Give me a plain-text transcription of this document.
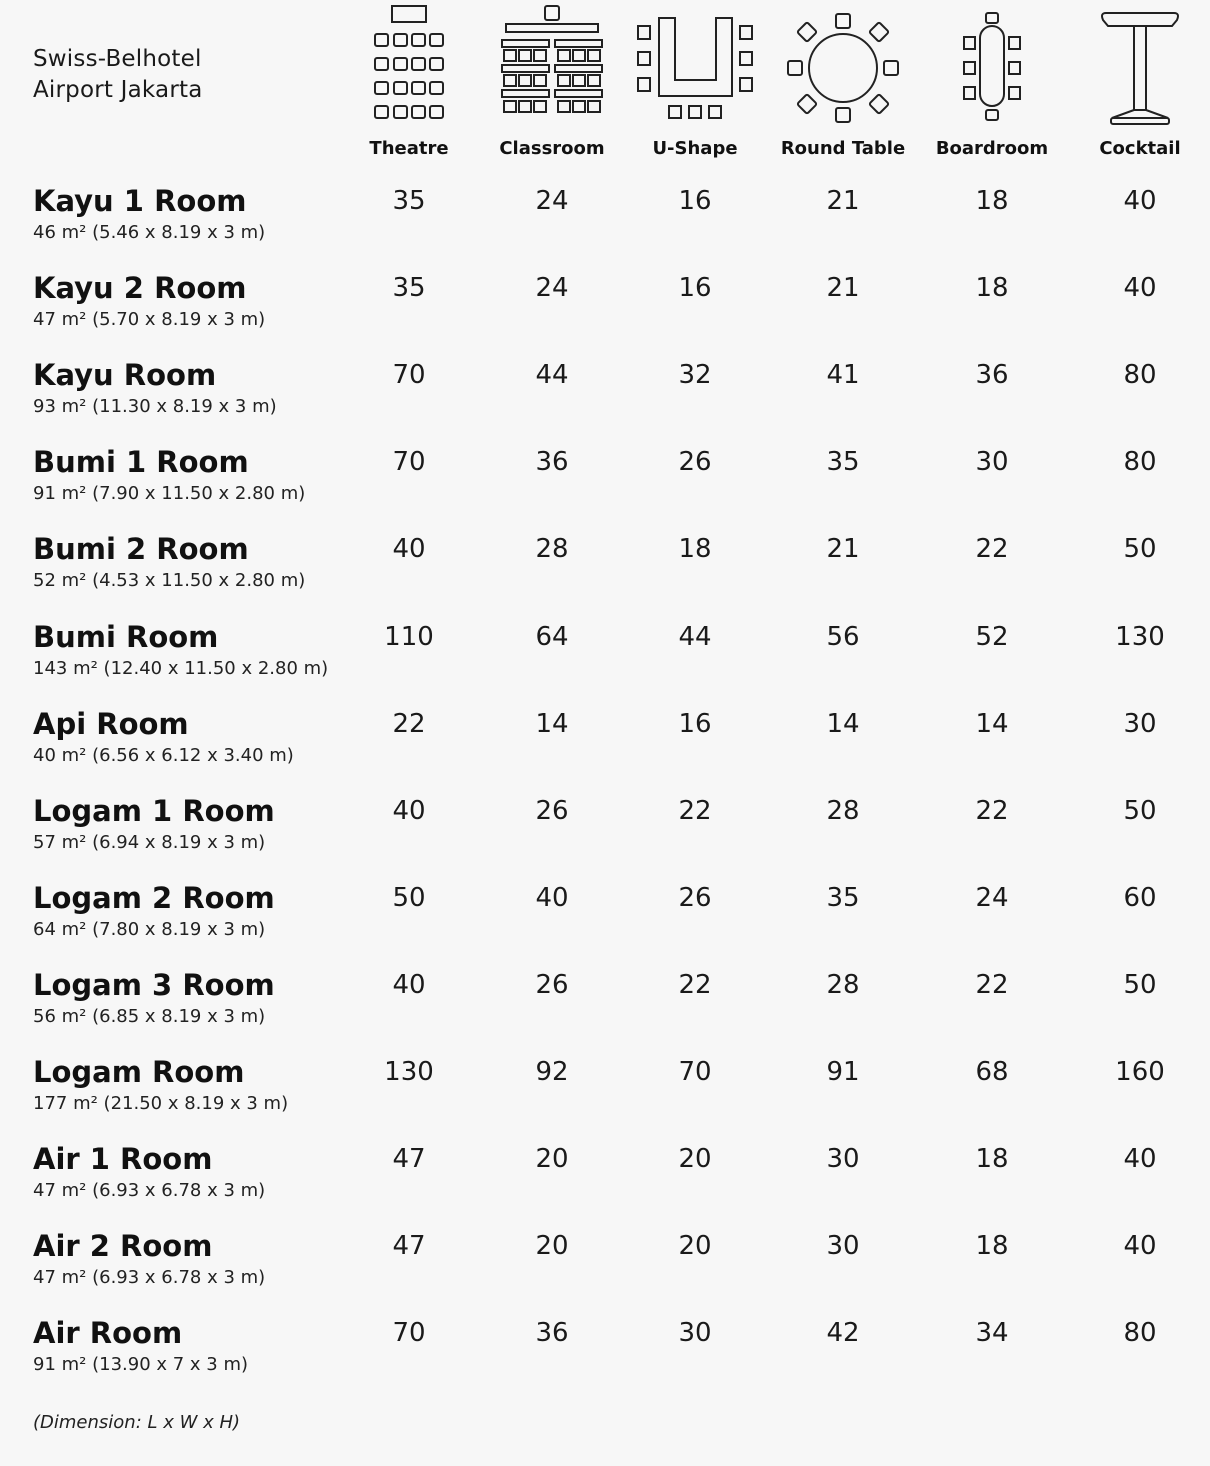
Swiss-Belhotel
Airport Jakarta
Theatre	Classroom	U-Shape	Round Table	Boardroom	Cocktail
Kayu 1 Room
46 m² (5.46 x 8.19 x 3 m)
35	24	16	21	18	40
Kayu 2 Room
47 m² (5.70 x 8.19 x 3 m)
35	24	16	21	18	40
Kayu Room
93 m² (11.30 x 8.19 x 3 m)
70	44	32	41	36	80
Bumi 1 Room
91 m² (7.90 x 11.50 x 2.80 m)
70	36	26	35	30	80
Bumi 2 Room
52 m² (4.53 x 11.50 x 2.80 m)
40	28	18	21	22	50
Bumi Room
143 m² (12.40 x 11.50 x 2.80 m)
110	64	44	56	52	130
Api Room
40 m² (6.56 x 6.12 x 3.40 m)
22	14	16	14	14	30
Logam 1 Room
57 m² (6.94 x 8.19 x 3 m)
40	26	22	28	22	50
Logam 2 Room
64 m² (7.80 x 8.19 x 3 m)
50	40	26	35	24	60
Logam 3 Room
56 m² (6.85 x 8.19 x 3 m)
40	26	22	28	22	50
Logam Room
177 m² (21.50 x 8.19 x 3 m)
130	92	70	91	68	160
Air 1 Room
47 m² (6.93 x 6.78 x 3 m)
47	20	20	30	18	40
Air 2 Room
47 m² (6.93 x 6.78 x 3 m)
47	20	20	30	18	40
Air Room
91 m² (13.90 x 7 x 3 m)
70	36	30	42	34	80
(Dimension: L x W x H)
